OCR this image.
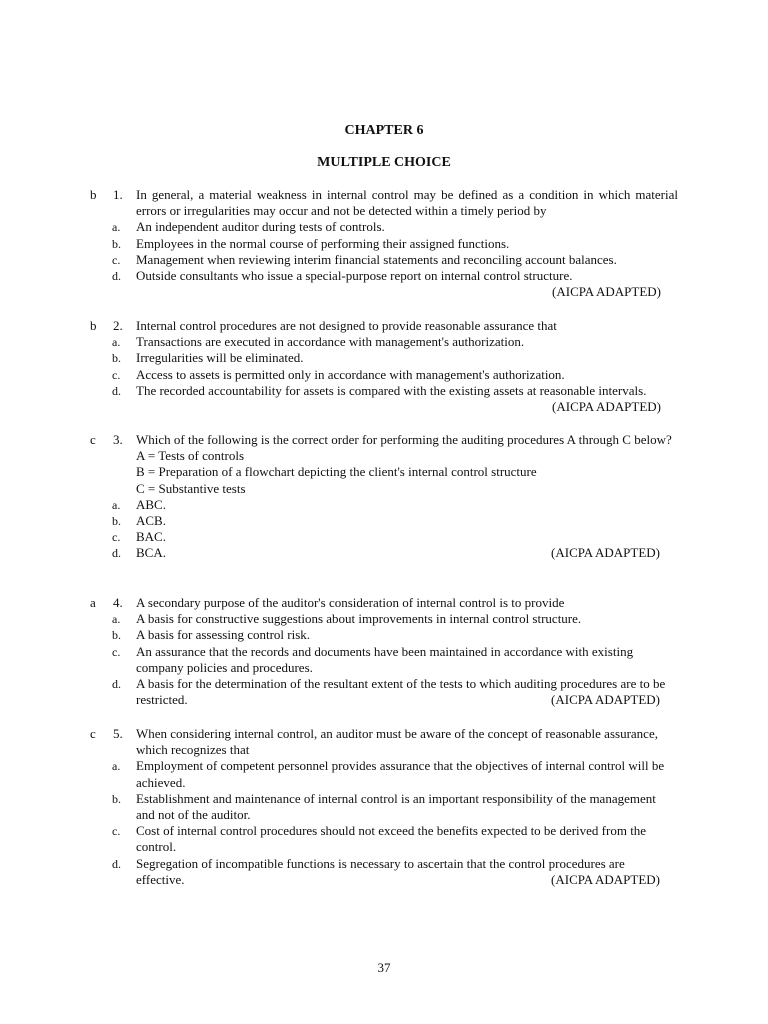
CHAPTER 6
MULTIPLE CHOICE
b 1. In general, a material weakness in internal control may be defined as a condition in which material errors or irregularities may occur and not be detected within a timely period by
a. An independent auditor during tests of controls.
b. Employees in the normal course of performing their assigned functions.
c. Management when reviewing interim financial statements and reconciling account balances.
d. Outside consultants who issue a special-purpose report on internal control structure.
(AICPA ADAPTED)
b 2. Internal control procedures are not designed to provide reasonable assurance that
a. Transactions are executed in accordance with management's authorization.
b. Irregularities will be eliminated.
c. Access to assets is permitted only in accordance with management's authorization.
d. The recorded accountability for assets is compared with the existing assets at reasonable intervals.
(AICPA ADAPTED)
c 3. Which of the following is the correct order for performing the auditing procedures A through C below?
A = Tests of controls
B = Preparation of a flowchart depicting the client's internal control structure
C = Substantive tests
a. ABC.
b. ACB.
c. BAC.
d. BCA.	(AICPA ADAPTED)
a 4. A secondary purpose of the auditor's consideration of internal control is to provide
a. A basis for constructive suggestions about improvements in internal control structure.
b. A basis for assessing control risk.
c. An assurance that the records and documents have been maintained in accordance with existing company policies and procedures.
d. A basis for the determination of the resultant extent of the tests to which auditing procedures are to be restricted.	(AICPA ADAPTED)
c 5. When considering internal control, an auditor must be aware of the concept of reasonable assurance, which recognizes that
a. Employment of competent personnel provides assurance that the objectives of internal control will be achieved.
b. Establishment and maintenance of internal control is an important responsibility of the management and not of the auditor.
c. Cost of internal control procedures should not exceed the benefits expected to be derived from the control.
d. Segregation of incompatible functions is necessary to ascertain that the control procedures are effective.	(AICPA ADAPTED)
37
